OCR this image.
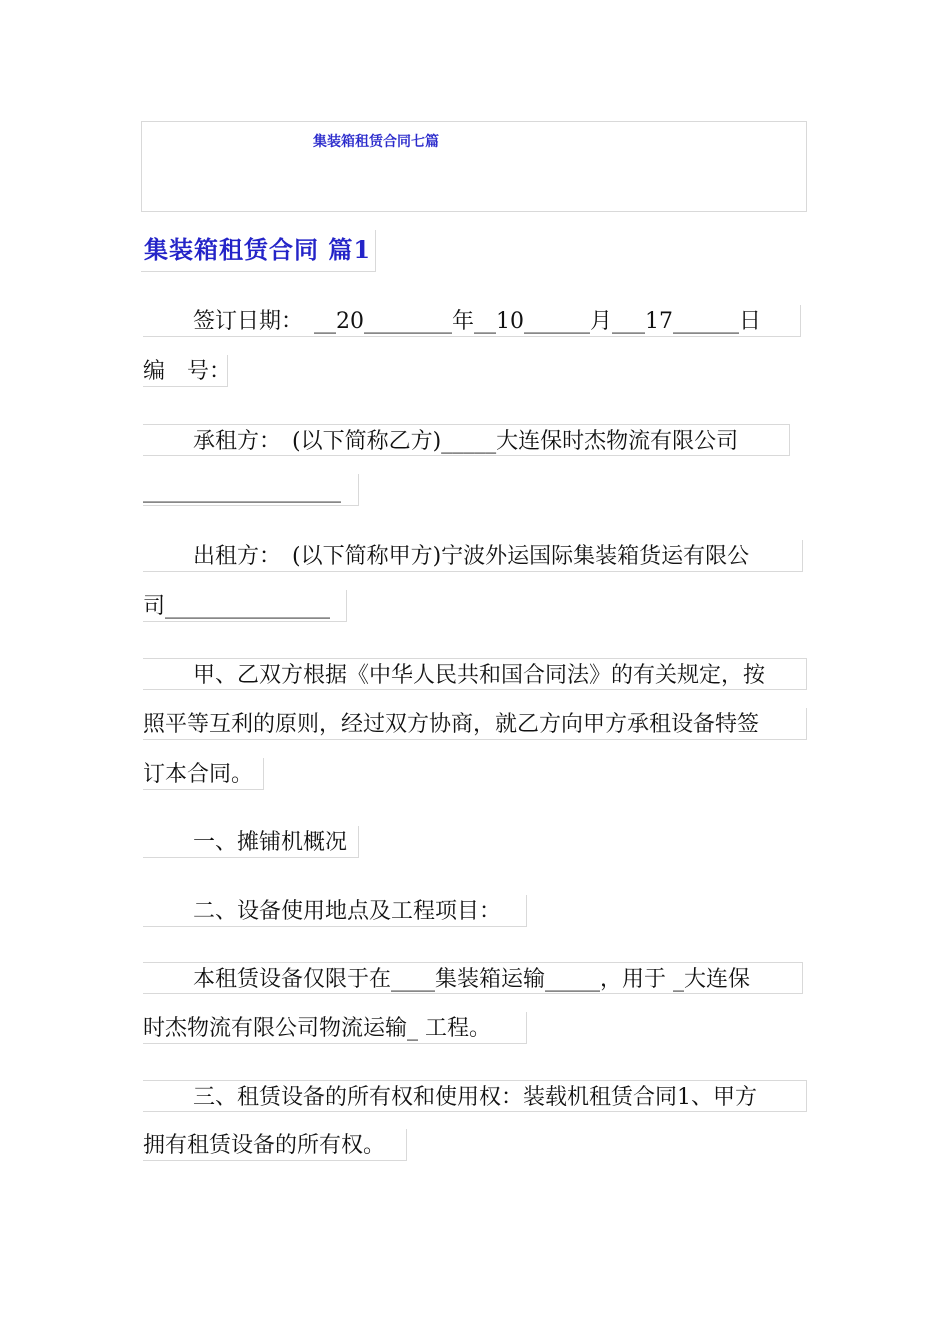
集装箱租赁合同七篇
集装箱租赁合同 篇1
签订日期：　__20________年__10______月___17______日
编　号：
承租方：　(以下简称乙方)_____大连保时杰物流有限公司
__________________
出租方：　(以下简称甲方)宁波外运国际集装箱货运有限公
司_______________
甲、乙双方根据《中华人民共和国合同法》的有关规定，按
照平等互利的原则，经过双方协商，就乙方向甲方承租设备特签
订本合同。
一、摊铺机概况
二、设备使用地点及工程项目：
本租赁设备仅限于在____集装箱运输_____，用于 _大连保
时杰物流有限公司物流运输_ 工程。
三、租赁设备的所有权和使用权：装载机租赁合同1、甲方
拥有租赁设备的所有权。
